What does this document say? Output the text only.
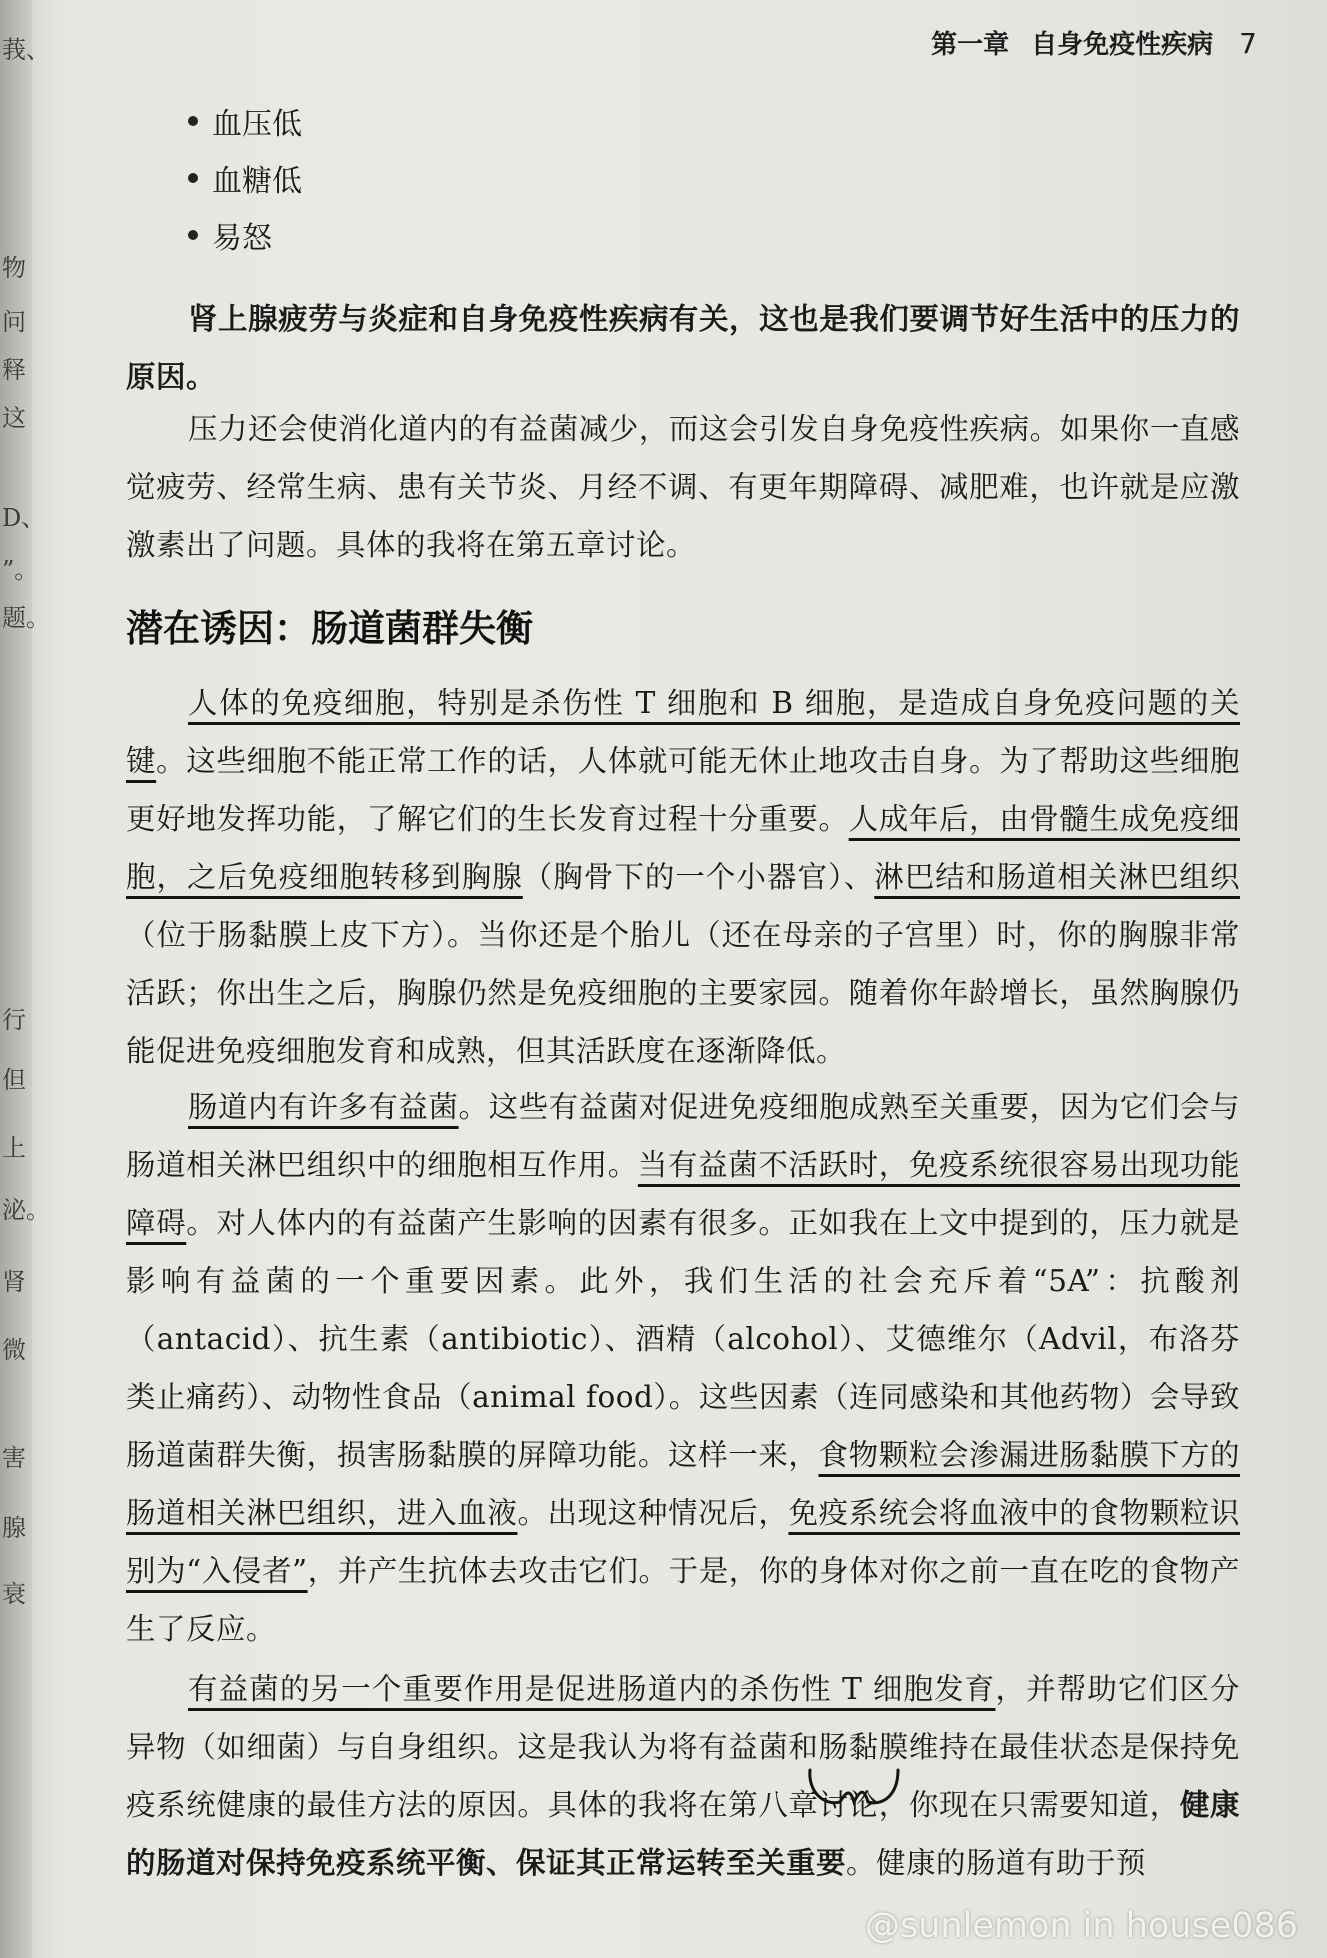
莪、
物
问
释
这
D、
”。
题。
行
但
上
泌。
肾
微
害
腺
衰
第一章 自身免疫性疾病 7
血压低
血糖低
易怒

肾上腺疲劳与炎症和自身免疫性疾病有关，这也是我们要调节好生活中的压力的原因。

压力还会使消化道内的有益菌减少，而这会引发自身免疫性疾病。如果你一直感觉疲劳、经常生病、患有关节炎、月经不调、有更年期障碍、减肥难，也许就是应激激素出了问题。具体的我将在第五章讨论。

潜在诱因：肠道菌群失衡

人体的免疫细胞，特别是杀伤性 T 细胞和 B 细胞，是造成自身免疫问题的关键。这些细胞不能正常工作的话，人体就可能无休止地攻击自身。为了帮助这些细胞更好地发挥功能，了解它们的生长发育过程十分重要。人成年后，由骨髓生成免疫细胞，之后免疫细胞转移到胸腺（胸骨下的一个小器官）、淋巴结和肠道相关淋巴组织（位于肠黏膜上皮下方）。当你还是个胎儿（还在母亲的子宫里）时，你的胸腺非常活跃；你出生之后，胸腺仍然是免疫细胞的主要家园。随着你年龄增长，虽然胸腺仍能促进免疫细胞发育和成熟，但其活跃度在逐渐降低。

肠道内有许多有益菌。这些有益菌对促进免疫细胞成熟至关重要，因为它们会与肠道相关淋巴组织中的细胞相互作用。当有益菌不活跃时，免疫系统很容易出现功能障碍。对人体内的有益菌产生影响的因素有很多。正如我在上文中提到的，压力就是影响有益菌的一个重要因素。此外，我们生活的社会充斥着“5A”：抗酸剂（antacid）、抗生素（antibiotic）、酒精（alcohol）、艾德维尔（Advil，布洛芬类止痛药）、动物性食品（animal food）。这些因素（连同感染和其他药物）会导致肠道菌群失衡，损害肠黏膜的屏障功能。这样一来，食物颗粒会渗漏进肠黏膜下方的肠道相关淋巴组织，进入血液。出现这种情况后，免疫系统会将血液中的食物颗粒识别为“入侵者”，并产生抗体去攻击它们。于是，你的身体对你之前一直在吃的食物产生了反应。

有益菌的另一个重要作用是促进肠道内的杀伤性 T 细胞发育，并帮助它们区分异物（如细菌）与自身组织。这是我认为将有益菌和肠黏膜维持在最佳状态是保持免疫系统健康的最佳方法的原因。具体的我将在第八章讨论，你现在只需要知道，健康的肠道对保持免疫系统平衡、保证其正常运转至关重要。健康的肠道有助于预

@sunlemon in house086
